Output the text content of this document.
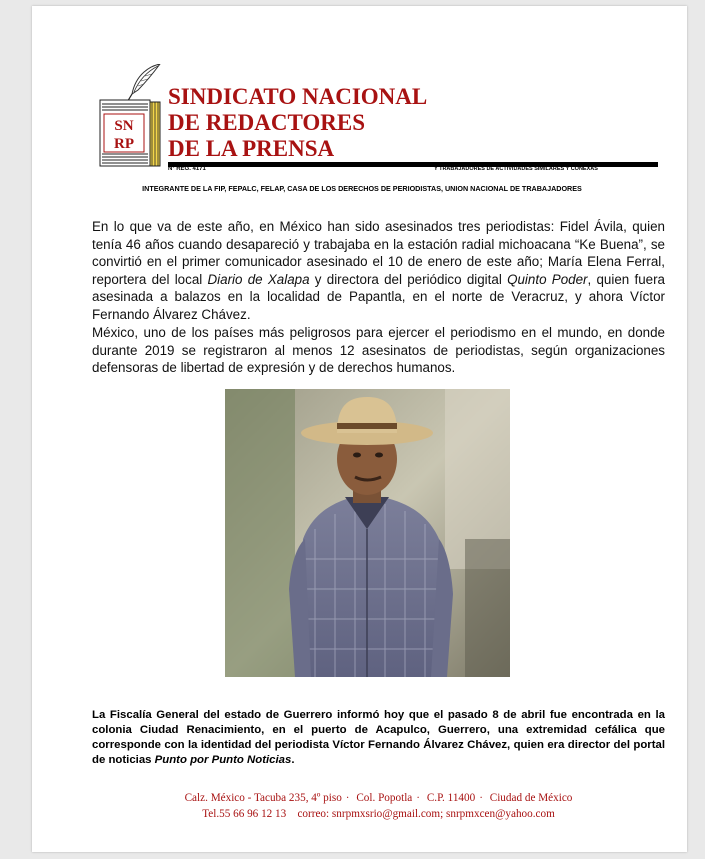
SN
RP
SINDICATO NACIONAL
DE REDACTORES
DE LA PRENSA
Nº REG. 4171	Y TRABAJADORES DE ACTIVIDADES SIMILARES Y CONEXAS
INTEGRANTE DE LA FIP, FEPALC, FELAP, CASA DE LOS DERECHOS DE PERIODISTAS, UNION NACIONAL DE TRABAJADORES

En lo que va de este año, en México han sido asesinados tres periodistas: Fidel Ávila, quien tenía 46 años cuando desapareció y trabajaba en la estación radial michoacana “Ke Buena”, se convirtió en el primer comunicador asesinado el 10 de enero de este año; María Elena Ferral, reportera del local Diario de Xalapa y directora del periódico digital Quinto Poder, quien fuera asesinada a balazos en la localidad de Papantla, en el norte de Veracruz, y ahora Víctor Fernando Álvarez Chávez.

México, uno de los países más peligrosos para ejercer el periodismo en el mundo, en donde durante 2019 se registraron al menos 12 asesinatos de periodistas, según organizaciones defensoras de libertad de expresión y de derechos humanos.

La Fiscalía General del estado de Guerrero informó hoy que el pasado 8 de abril fue encontrada en la colonia Ciudad Renacimiento, en el puerto de Acapulco, Guerrero, una extremidad cefálica que corresponde con la identidad del periodista Víctor Fernando Álvarez Chávez, quien era director del portal de noticias Punto por Punto Noticias.

Calz. México - Tacuba 235, 4º piso · Col. Popotla · C.P. 11400 · Ciudad de México
Tel.55 66 96 12 13 correo: snrpmxsrio@gmail.com; snrpmxcen@yahoo.com
